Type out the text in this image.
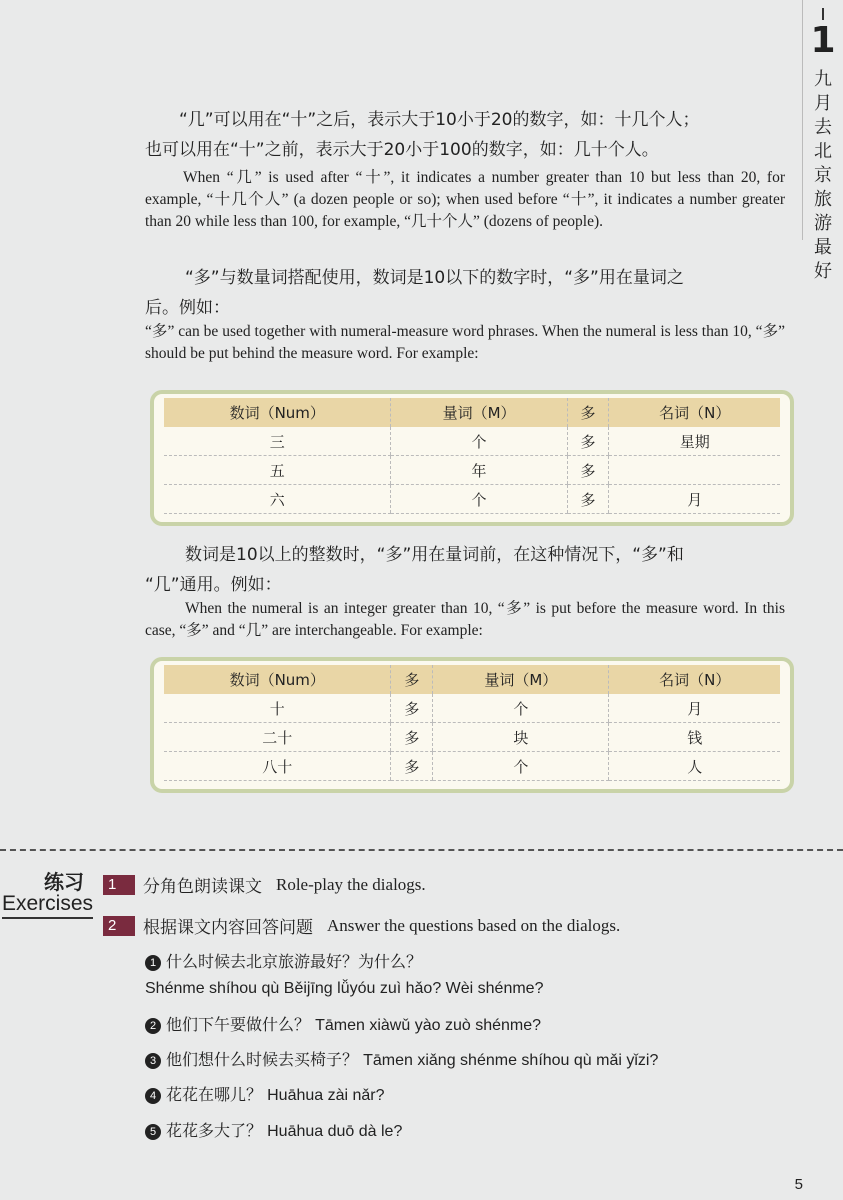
1
九
月
去
北
京
旅
游
最
好
“几”可以用在“十”之后，表示大于10小于20的数字，如：十几个人；
也可以用在“十”之前，表示大于20小于100的数字，如：几十个人。
When “几” is used after “十”, it indicates a number greater than 10 but less than 20, for example, “十几个人” (a dozen people or so); when used before “十”, it indicates a number greater than 20 while less than 100, for example, “几十个人” (dozens of people).
“多”与数量词搭配使用，数词是10以下的数字时，“多”用在量词之
后。例如：
“多” can be used together with numeral-measure word phrases. When the numeral is less than 10, “多” should be put behind the measure word. For example:
数词（Num）	量词（M）	多	名词（N）
三	个	多	星期
五	年	多	
六	个	多	月
数词是10以上的整数时，“多”用在量词前，在这种情况下，“多”和
“几”通用。例如：
When the numeral is an integer greater than 10, “多” is put before the measure word. In this case, “多” and “几” are interchangeable. For example:
数词（Num）	多	量词（M）	名词（N）
十	多	个	月
二十	多	块	钱
八十	多	个	人
练习
Exercises
1	分角色朗读课文 Role-play the dialogs.
2	根据课文内容回答问题 Answer the questions based on the dialogs.
1 什么时候去北京旅游最好？为什么？
Shénme shíhou qù Běijīng lǚyóu zuì hǎo? Wèi shénme?
2 他们下午要做什么？ Tāmen xiàwǔ yào zuò shénme?
3 他们想什么时候去买椅子？ Tāmen xiǎng shénme shíhou qù mǎi yǐzi?
4 花花在哪儿？ Huāhua zài nǎr?
5 花花多大了？ Huāhua duō dà le?
5
